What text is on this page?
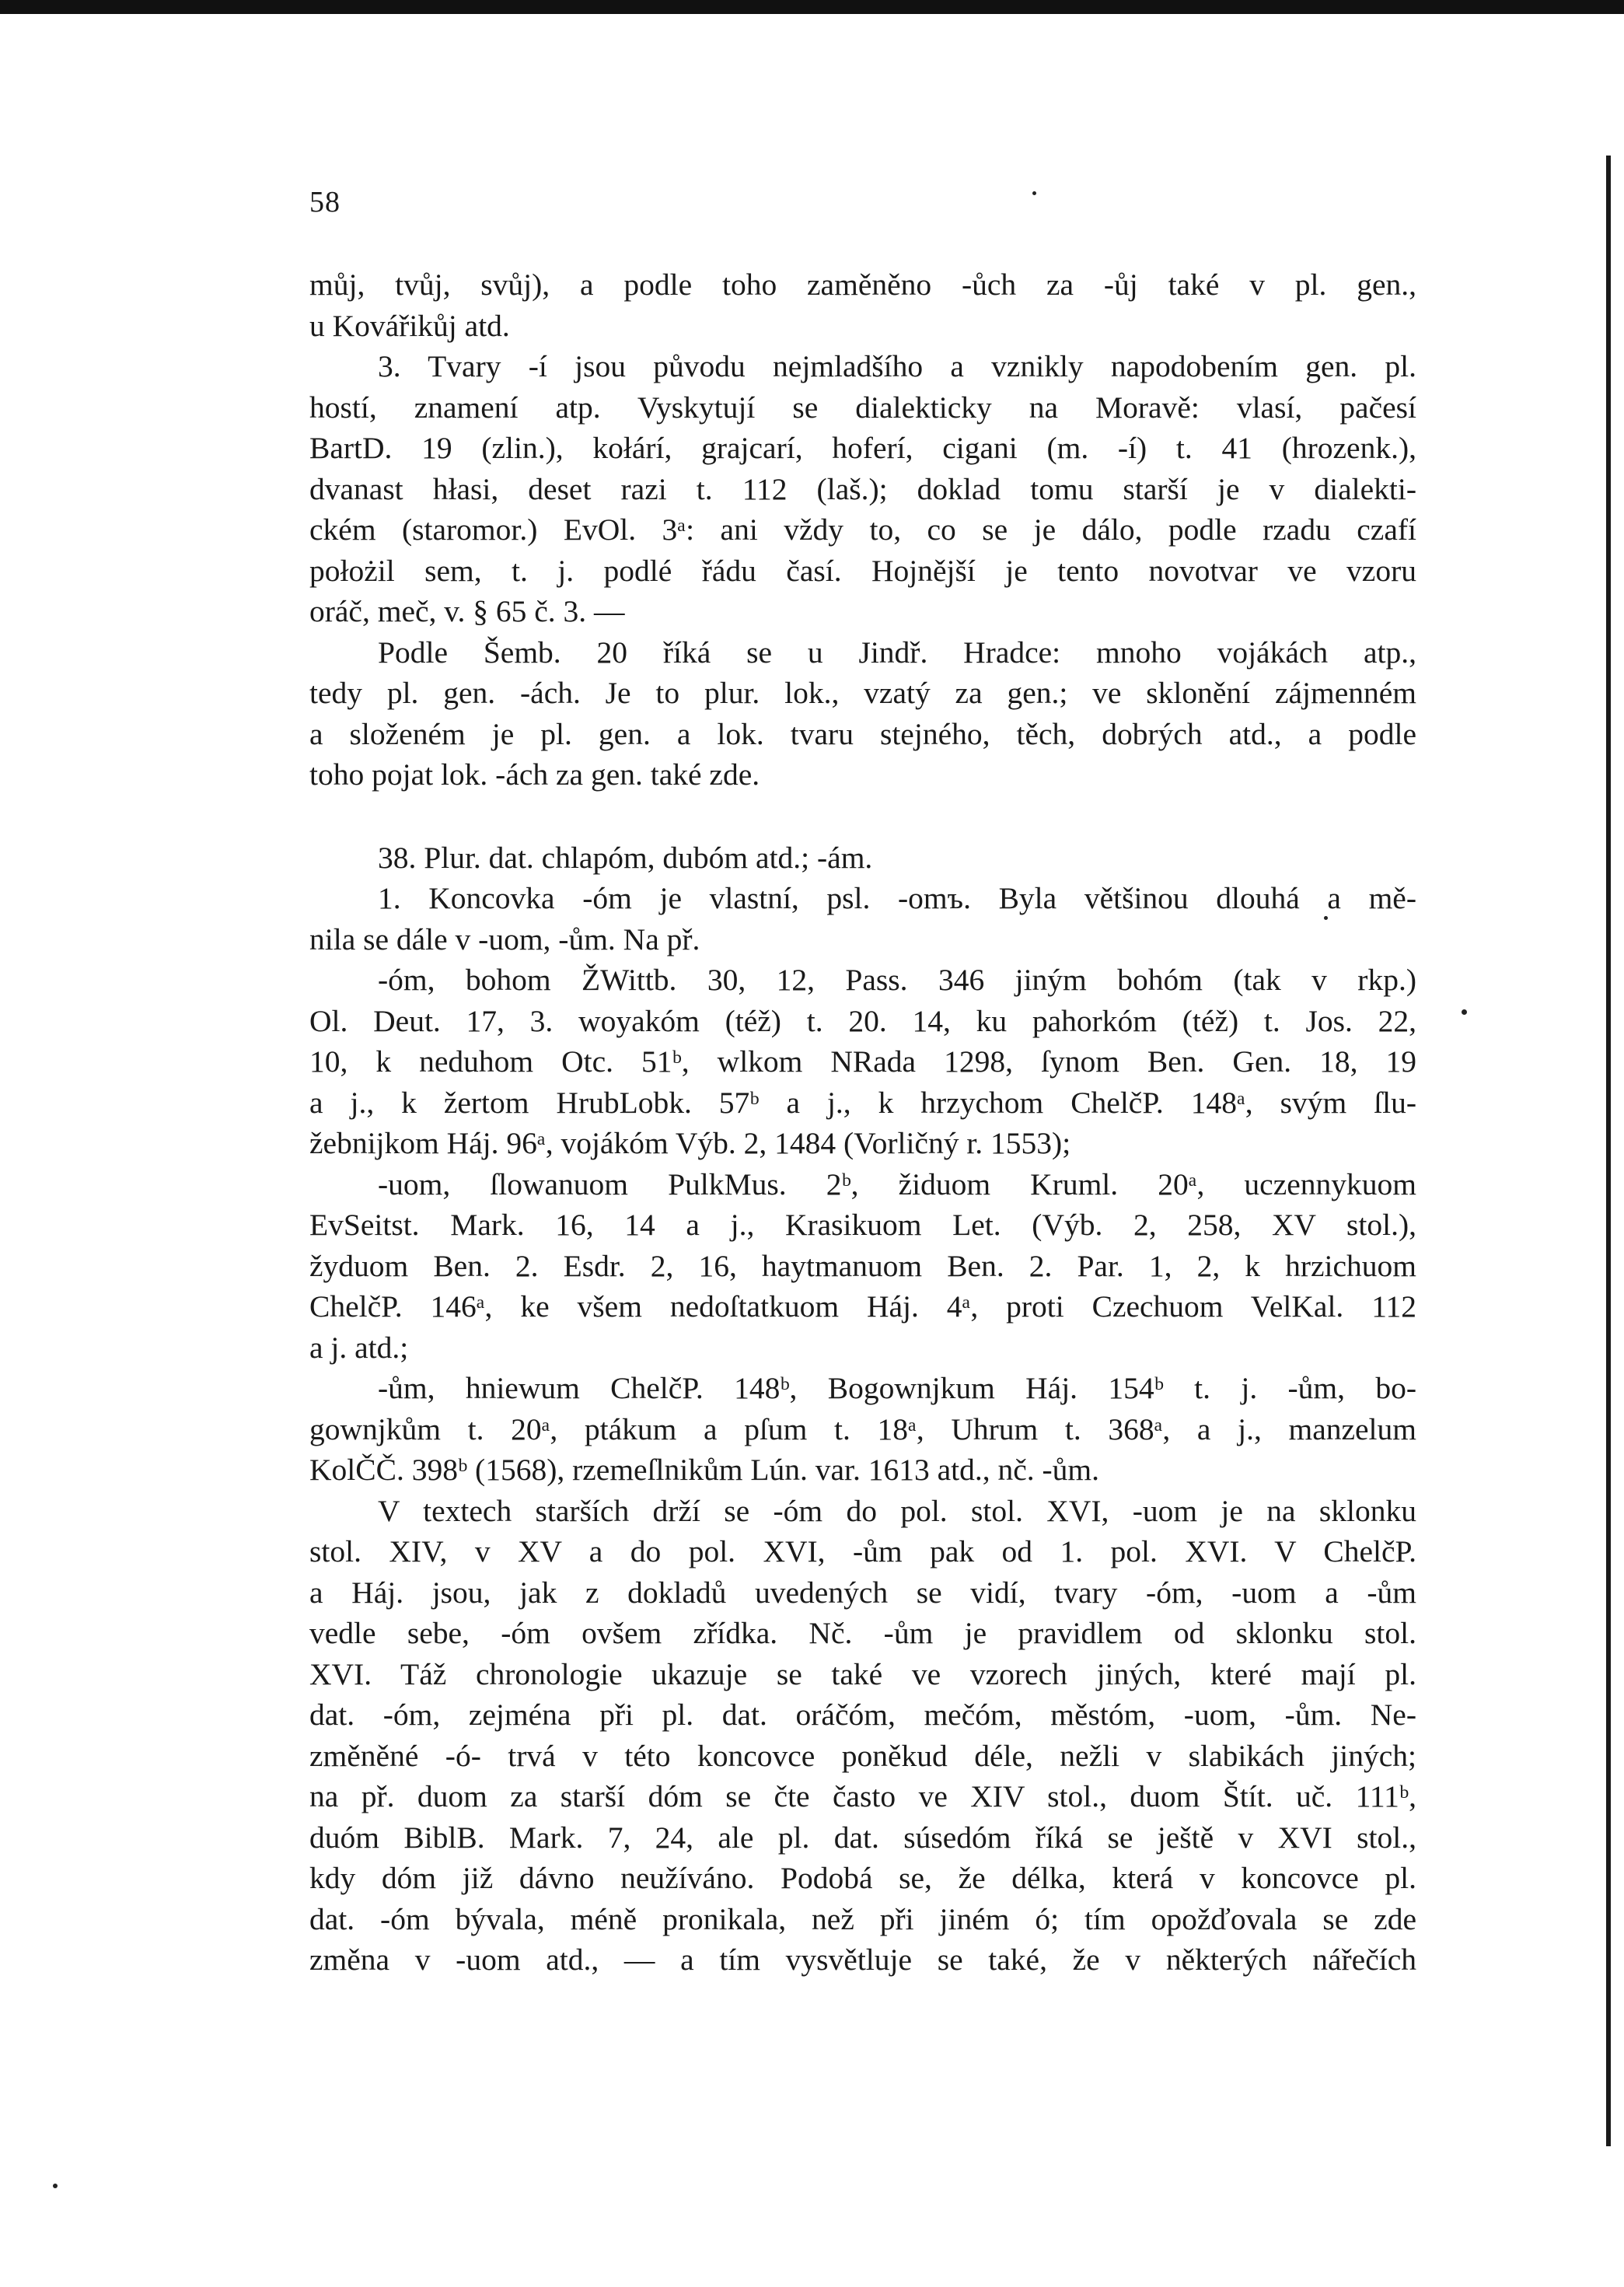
58
můj, tvůj, svůj), a podle toho zaměněno -ůch za -ůj také v pl. gen.,
u Kovářikůj atd.
3. Tvary -í jsou původu nejmladšího a vznikly napodobením gen. pl.
hostí, znamení atp. Vyskytují se dialekticky na Moravě: vlasí, pačesí
BartD. 19 (zlin.), kołárí, grajcarí, hoferí, cigani (m. -í) t. 41 (hrozenk.),
dvanast hłasi, deset razi t. 112 (laš.); doklad tomu starší je v dialekti-
ckém (staromor.) EvOl. 3ᵃ: ani vždy to, co se je dálo, podle rzadu czafí
położil sem, t. j. podlé řádu časí. Hojnější je tento novotvar ve vzoru
oráč, meč, v. § 65 č. 3. —
Podle Šemb. 20 říká se u Jindř. Hradce: mnoho vojákách atp.,
tedy pl. gen. -ách. Je to plur. lok., vzatý za gen.; ve sklonění zájmenném
a složeném je pl. gen. a lok. tvaru stejného, těch, dobrých atd., a podle
toho pojat lok. -ách za gen. také zde.
38. Plur. dat. chlapóm, dubóm atd.; -ám.
1. Koncovka -óm je vlastní, psl. -omъ. Byla většinou dlouhá a mě-
nila se dále v -uom, -ům. Na př.
-óm, bohom ŽWittb. 30, 12, Pass. 346 jiným bohóm (tak v rkp.)
Ol. Deut. 17, 3. woyakóm (též) t. 20. 14, ku pahorkóm (též) t. Jos. 22,
10, k neduhom Otc. 51ᵇ, wlkom NRada 1298, ſynom Ben. Gen. 18, 19
a j., k žertom HrubLobk. 57ᵇ a j., k hrzychom ChelčP. 148ᵃ, svým ſlu-
žebnijkom Háj. 96ᵃ, vojákóm Výb. 2, 1484 (Vorličný r. 1553);
-uom, ſlowanuom PulkMus. 2ᵇ, židuom Kruml. 20ᵃ, uczennykuom
EvSeitst. Mark. 16, 14 a j., Krasikuom Let. (Výb. 2, 258, XV stol.),
žyduom Ben. 2. Esdr. 2, 16, haytmanuom Ben. 2. Par. 1, 2, k hrzichuom
ChelčP. 146ᵃ, ke všem nedoſtatkuom Háj. 4ᵃ, proti Czechuom VelKal. 112
a j. atd.;
-ům, hniewum ChelčP. 148ᵇ, Bogownjkum Háj. 154ᵇ t. j. -ům, bo-
gownjkům t. 20ᵃ, ptákum a pſum t. 18ᵃ, Uhrum t. 368ᵃ, a j., manzelum
KolČČ. 398ᵇ (1568), rzemeſlnikům Lún. var. 1613 atd., nč. -ům.
V textech starších drží se -óm do pol. stol. XVI, -uom je na sklonku
stol. XIV, v XV a do pol. XVI, -ům pak od 1. pol. XVI. V ChelčP.
a Háj. jsou, jak z dokladů uvedených se vidí, tvary -óm, -uom a -ům
vedle sebe, -óm ovšem zřídka. Nč. -ům je pravidlem od sklonku stol.
XVI. Táž chronologie ukazuje se také ve vzorech jiných, které mají pl.
dat. -óm, zejména při pl. dat. oráčóm, mečóm, městóm, -uom, -ům. Ne-
změněné -ó- trvá v této koncovce poněkud déle, nežli v slabikách jiných;
na př. duom za starší dóm se čte často ve XIV stol., duom Štít. uč. 111ᵇ,
duóm BiblB. Mark. 7, 24, ale pl. dat. súsedóm říká se ještě v XVI stol.,
kdy dóm již dávno neužíváno. Podobá se, že délka, která v koncovce pl.
dat. -óm bývala, méně pronikala, než při jiném ó; tím opožďovala se zde
změna v -uom atd., — a tím vysvětluje se také, že v některých nářečích
